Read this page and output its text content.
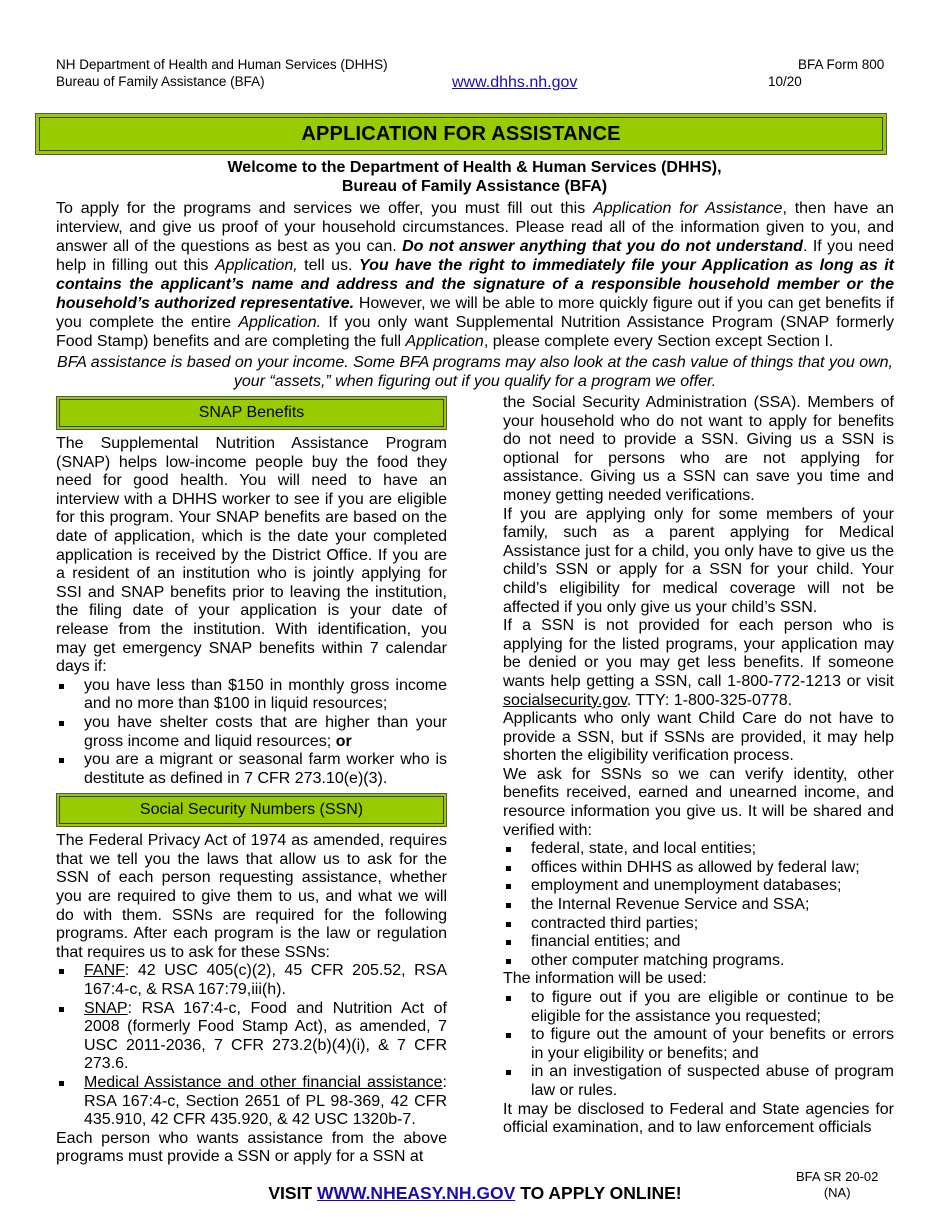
NH Department of Health and Human Services (DHHS)
Bureau of Family Assistance (BFA)	www.dhhs.nh.gov
BFA Form 800
10/20
APPLICATION FOR ASSISTANCE
Welcome to the Department of Health & Human Services (DHHS),
Bureau of Family Assistance (BFA)

To apply for the programs and services we offer, you must fill out this Application for Assistance, then have an interview, and give us proof of your household circumstances. Please read all of the information given to you, and answer all of the questions as best as you can. Do not answer anything that you do not understand. If you need help in filling out this Application, tell us. You have the right to immediately file your Application as long as it contains the applicant’s name and address and the signature of a responsible household member or the household’s authorized representative. However, we will be able to more quickly figure out if you can get benefits if you complete the entire Application. If you only want Supplemental Nutrition Assistance Program (SNAP formerly Food Stamp) benefits and are completing the full Application, please complete every Section except Section I.

BFA assistance is based on your income. Some BFA programs may also look at the cash value of things that you own, your “assets,” when figuring out if you qualify for a program we offer.

SNAP Benefits

The Supplemental Nutrition Assistance Program (SNAP) helps low-income people buy the food they need for good health. You will need to have an interview with a DHHS worker to see if you are eligible for this program. Your SNAP benefits are based on the date of application, which is the date your completed application is received by the District Office. If you are a resident of an institution who is jointly applying for SSI and SNAP benefits prior to leaving the institution, the filing date of your application is your date of release from the institution. With identification, you may get emergency SNAP benefits within 7 calendar days if:

you have less than $150 in monthly gross income and no more than $100 in liquid resources;
you have shelter costs that are higher than your gross income and liquid resources; or
you are a migrant or seasonal farm worker who is destitute as defined in 7 CFR 273.10(e)(3).
Social Security Numbers (SSN)

The Federal Privacy Act of 1974 as amended, requires that we tell you the laws that allow us to ask for the SSN of each person requesting assistance, whether you are required to give them to us, and what we will do with them. SSNs are required for the following programs. After each program is the law or regulation that requires us to ask for these SSNs:

FANF: 42 USC 405(c)(2), 45 CFR 205.52, RSA 167:4-c, & RSA 167:79,iii(h).
SNAP: RSA 167:4-c, Food and Nutrition Act of 2008 (formerly Food Stamp Act), as amended, 7 USC 2011-2036, 7 CFR 273.2(b)(4)(i), & 7 CFR 273.6.
Medical Assistance and other financial assistance: RSA 167:4-c, Section 2651 of PL 98-369, 42 CFR 435.910, 42 CFR 435.920, & 42 USC 1320b-7.

Each person who wants assistance from the above programs must provide a SSN or apply for a SSN at

the Social Security Administration (SSA). Members of your household who do not want to apply for benefits do not need to provide a SSN. Giving us a SSN is optional for persons who are not applying for assistance. Giving us a SSN can save you time and money getting needed verifications.

If you are applying only for some members of your family, such as a parent applying for Medical Assistance just for a child, you only have to give us the child’s SSN or apply for a SSN for your child. Your child’s eligibility for medical coverage will not be affected if you only give us your child’s SSN.

If a SSN is not provided for each person who is applying for the listed programs, your application may be denied or you may get less benefits. If someone wants help getting a SSN, call 1-800-772-1213 or visit socialsecurity.gov. TTY: 1-800-325-0778.

Applicants who only want Child Care do not have to provide a SSN, but if SSNs are provided, it may help shorten the eligibility verification process.

We ask for SSNs so we can verify identity, other benefits received, earned and unearned income, and resource information you give us. It will be shared and verified with:

federal, state, and local entities;
offices within DHHS as allowed by federal law;
employment and unemployment databases;
the Internal Revenue Service and SSA;
contracted third parties;
financial entities; and
other computer matching programs.

The information will be used:

to figure out if you are eligible or continue to be eligible for the assistance you requested;
to figure out the amount of your benefits or errors in your eligibility or benefits; and
in an investigation of suspected abuse of program law or rules.

It may be disclosed to Federal and State agencies for official examination, and to law enforcement officials

BFA SR 20-02
(NA)
VISIT WWW.NHEASY.NH.GOV TO APPLY ONLINE!
